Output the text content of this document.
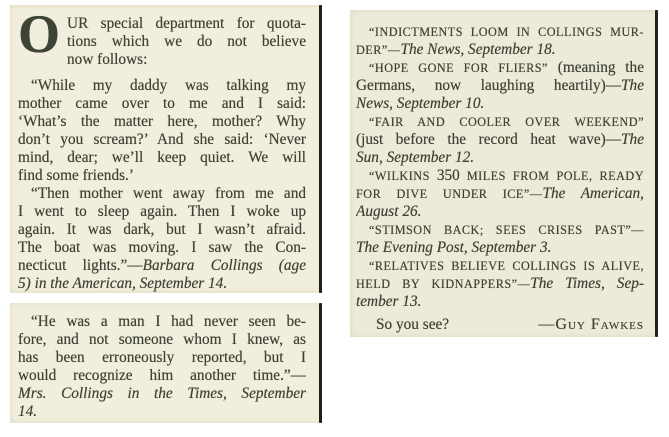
O UR special department for quota-
tions which we do not believe
now follows:
“While my daddy was talking my
mother came over to me and I said:
‘What’s the matter here, mother? Why
don’t you scream?’ And she said: ‘Never
mind, dear; we’ll keep quiet. We will
find some friends.’
“Then mother went away from me and
I went to sleep again. Then I woke up
again. It was dark, but I wasn’t afraid.
The boat was moving. I saw the Con-
necticut lights.”—Barbara Collings (age
5) in the American, September 14.
“He was a man I had never seen be-
fore, and not someone whom I knew, as
has been erroneously reported, but I
would recognize him another time.”—
Mrs. Collings in the Times, September
14.
“INDICTMENTS LOOM IN COLLINGS MUR-
DER”—The News, September 18.
“HOPE GONE FOR FLIERS” (meaning the
Germans, now laughing heartily)—The
News, September 10.
“FAIR AND COOLER OVER WEEKEND”
(just before the record heat wave)—The
Sun, September 12.
“WILKINS 350 MILES FROM POLE, READY
FOR DIVE UNDER ICE”—The American,
August 26.
“STIMSON BACK; SEES CRISES PAST”—
The Evening Post, September 3.
“RELATIVES BELIEVE COLLINGS IS ALIVE,
HELD BY KIDNAPPERS”—The Times, Sep-
tember 13.
So you see?	—Guy Fawkes
